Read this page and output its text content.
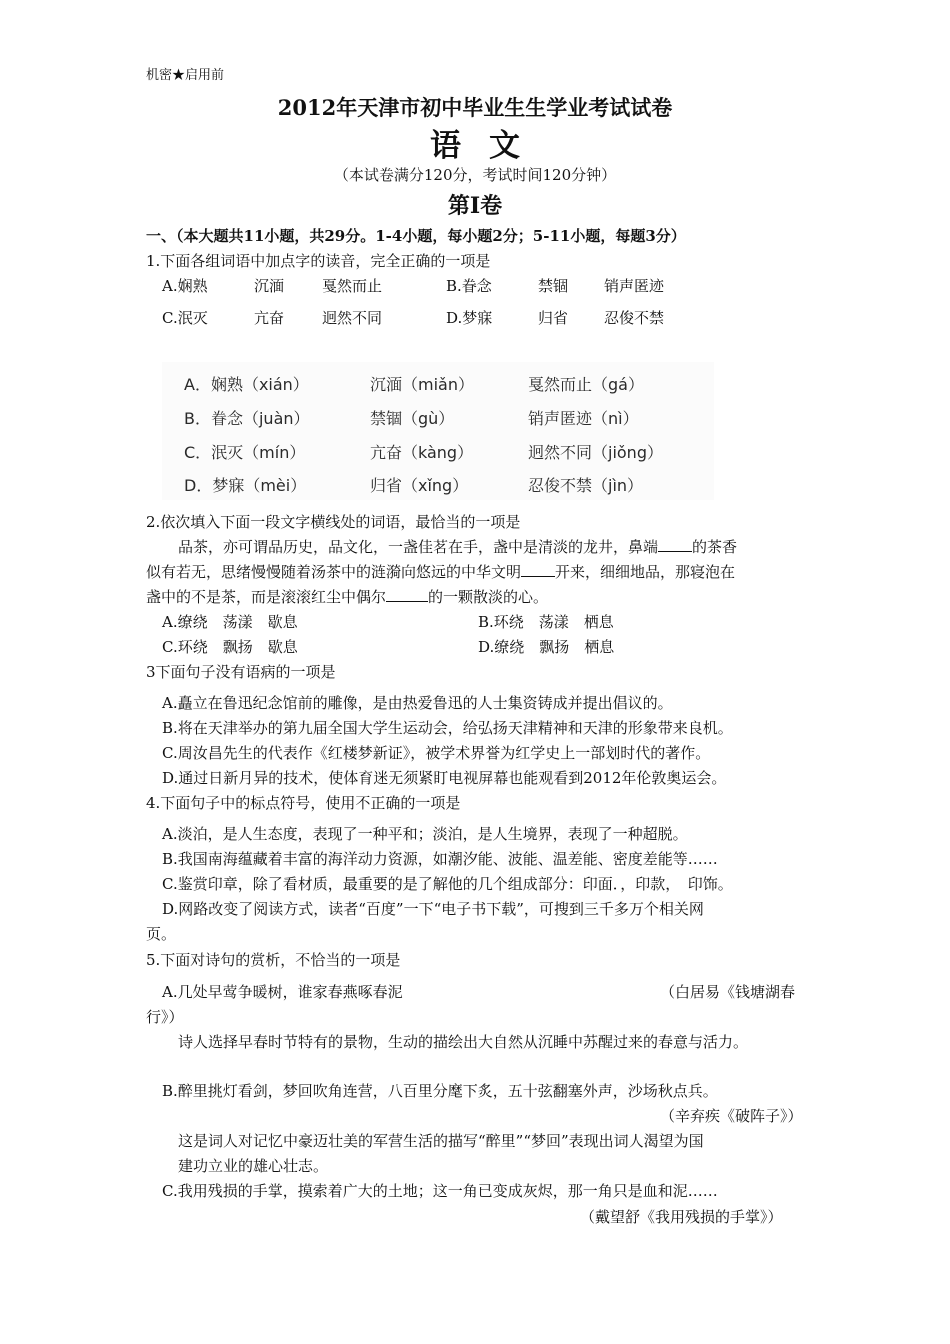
机密★启用前
2012年天津市初中毕业生生学业考试试卷
语文
（本试卷满分120分，考试时间120分钟）
第Ⅰ卷
一、（本大题共11小题，共29分。1-4小题，每小题2分；5-11小题，每题3分）
1.下面各组词语中加点字的读音，完全正确的一项是
A.娴熟	沉湎	戛然而止	B.眷念	禁锢 销声匿迹
C.泯灭	亢奋	迥然不同	D.梦寐	归省 忍俊不禁
A．娴熟（xián）	沉湎（miǎn）	戛然而止（gá）
B．眷念（juàn）	禁锢（gù）	销声匿迹（nì）
C．泯灭（mín）	亢奋（kàng）	迥然不同（jiǒng）
D．梦寐（mèi）	归省（xǐng）	忍俊不禁（jìn）
2.依次填入下面一段文字横线处的词语，最恰当的一项是
品茶，亦可谓品历史，品文化，一盏佳茗在手，盏中是清淡的龙井，鼻端 的茶香
似有若无，思绪慢慢随着汤茶中的涟漪向悠远的中华文明 开来，细细地品，那寝泡在
盏中的不是茶，而是滚滚红尘中偶尔	的一颗散淡的心。
A.缭绕　荡漾　歇息	B.环绕　荡漾　栖息
C.环绕　飘扬　歇息	D.缭绕　飘扬　栖息
3下面句子没有语病的一项是
A.矗立在鲁迅纪念馆前的雕像，是由热爱鲁迅的人士集资铸成并提出倡议的。
B.将在天津举办的第九届全国大学生运动会，给弘扬天津精神和天津的形象带来良机。
C.周汝昌先生的代表作《红楼梦新证》，被学术界誉为红学史上一部划时代的著作。
D.通过日新月异的技术，使体育迷无须紧盯电视屏幕也能观看到2012年伦敦奥运会。
4.下面句子中的标点符号，使用不正确的一项是
A.淡泊，是人生态度，表现了一种平和；淡泊，是人生境界，表现了一种超脱。
B.我国南海蕴藏着丰富的海洋动力资源，如潮汐能、波能、温差能、密度差能等……
C.鉴赏印章，除了看材质，最重要的是了解他的几个组成部分：印面．，印款，　印饰。
D.网路改变了阅读方式，读者“百度”一下“电子书下载”，可搜到三千多万个相关网
页。
5.下面对诗句的赏析，不恰当的一项是
A.几处早莺争暖树，谁家春燕啄春泥	（白居易《钱塘湖春
行》）
诗人选择早春时节特有的景物，生动的描绘出大自然从沉睡中苏醒过来的春意与活力。
B.醉里挑灯看剑，梦回吹角连营，八百里分麾下炙，五十弦翻塞外声，沙场秋点兵。
（辛弃疾《破阵子》）
这是词人对记忆中豪迈壮美的军营生活的描写“醉里”“梦回”表现出词人渴望为国
建功立业的雄心壮志。
C.我用残损的手掌，摸索着广大的土地；这一角已变成灰烬，那一角只是血和泥……
（戴望舒《我用残损的手掌》）
